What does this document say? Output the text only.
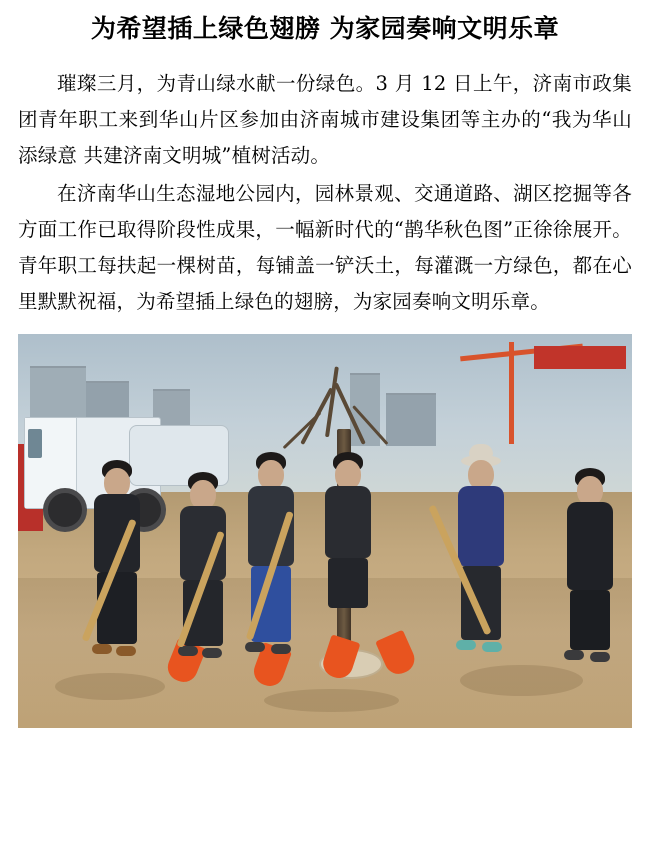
为希望插上绿色翅膀 为家园奏响文明乐章

璀璨三月，为青山绿水献一份绿色。3 月 12 日上午，济南市政集团青年职工来到华山片区参加由济南城市建设集团等主办的“我为华山添绿意 共建济南文明城”植树活动。

在济南华山生态湿地公园内，园林景观、交通道路、湖区挖掘等各方面工作已取得阶段性成果，一幅新时代的“鹊华秋色图”正徐徐展开。青年职工每扶起一棵树苗，每铺盖一铲沃土，每灌溉一方绿色，都在心里默默祝福，为希望插上绿色的翅膀，为家园奏响文明乐章。
